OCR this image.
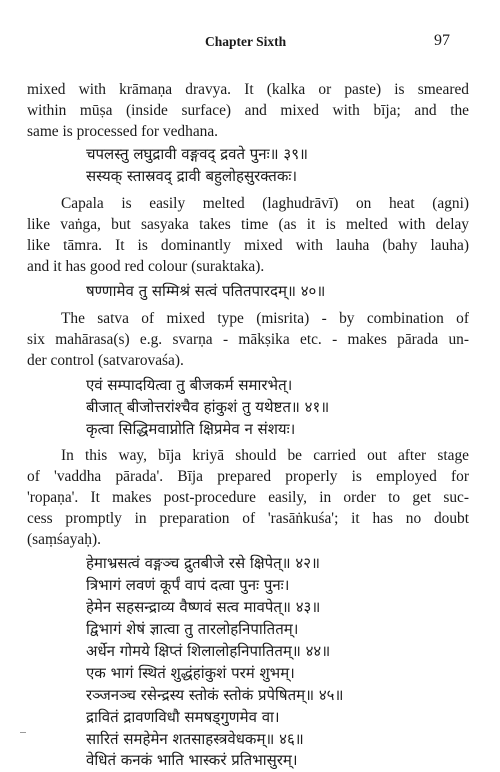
Chapter Sixth	97
mixed with krāmaṇa dravya. It (kalka or paste) is smeared
within mūṣa (inside surface) and mixed with bīja; and the
same is processed for vedhana.
चपलस्तु लघुद्रावी वङ्गवद् द्रवते पुनः॥ ३९॥
सस्यक् स्तास्रवद् द्रावी बहुलोहसुरक्तकः।
Capala is easily melted (laghudrāvī) on heat (agni)
like vaṅga, but sasyaka takes time (as it is melted with delay
like tāmra. It is dominantly mixed with lauha (bahy lauha)
and it has good red colour (suraktaka).
षण्णामेव तु सम्मिश्रं सत्वं पतितपारदम्॥ ४०॥
The satva of mixed type (misrita) - by combination of
six mahārasa(s) e.g. svarṇa - mākṣika etc. - makes pārada un-
der control (satvarovaśa).
एवं सम्पादयित्वा तु बीजकर्म समारभेत्।
बीजात् बीजोत्तरांश्चैव हांकुशं तु यथेष्टत॥ ४१॥
कृत्वा सिद्धिमवाप्नोति क्षिप्रमेव न संशयः।
In this way, bīja kriyā should be carried out after stage
of 'vaddha pārada'. Bīja prepared properly is employed for
'ropaṇa'. It makes post-procedure easily, in order to get suc-
cess promptly in preparation of 'rasāṅkuśa'; it has no doubt
(saṃśayaḥ).
हेमाभ्रसत्वं वङ्गञ्च द्रुतबीजे रसे क्षिपेत्॥ ४२॥
त्रिभागं लवणं कूर्पं वापं दत्वा पुनः पुनः।
हेमेन सहसन्द्राव्य वैष्णवं सत्व मावपेत्॥ ४३॥
द्विभागं शेषं ज्ञात्वा तु तारलोहनिपातितम्।
अर्धेन गोमये क्षिप्तं शिलालोहनिपातितम्॥ ४४॥
एक भागं स्थितं शुद्धंहांकुशं परमं शुभम्।
रञ्जनञ्च रसेन्द्रस्य स्तोकं स्तोकं प्रपेषितम्॥ ४५॥
द्रावितं द्रावणविधौ समषड्गुणमेव वा।
सारितं समहेमेन शतसाहस्त्रवेधकम्॥ ४६॥
वेधितं कनकं भाति भास्करं प्रतिभासुरम्।
